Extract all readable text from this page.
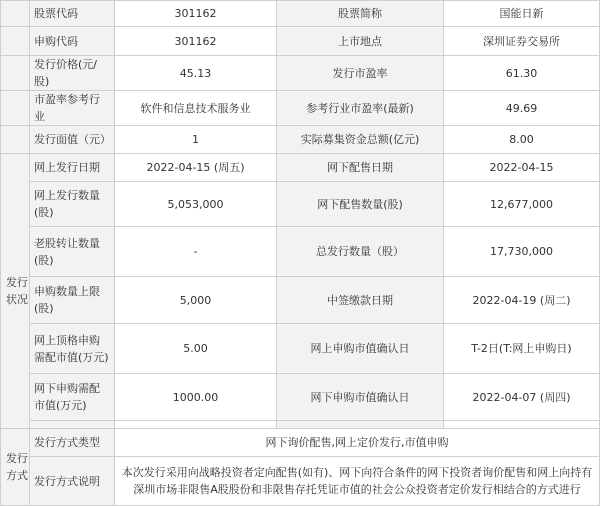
	股票代码	301162	股票简称	国能日新
	申购代码	301162	上市地点	深圳证券交易所
	发行价格(元/股)	45.13	发行市盈率	61.30
	市盈率参考行业	软件和信息技术服务业	参考行业市盈率(最新)	49.69
	发行面值（元）	1	实际募集资金总额(亿元)	8.00
发行状况	网上发行日期	2022-04-15 (周五)	网下配售日期	2022-04-15
	网上发行数量(股)	5,053,000	网下配售数量(股)	12,677,000
	老股转让数量(股)	-	总发行数量（股）	17,730,000
	申购数量上限(股)	5,000	中签缴款日期	2022-04-19 (周二)
	网上顶格申购需配市值(万元)	5.00	网上申购市值确认日	T-2日(T:网上申购日)
	网下申购需配市值(万元)	1000.00	网下申购市值确认日	2022-04-07 (周四)

发行方式	发行方式类型	网下询价配售,网上定价发行,市值申购		
	发行方式说明	本次发行采用向战略投资者定向配售(如有)、网下向符合条件的网下投资者询价配售和网上向持有深圳市场非限售A股股份和非限售存托凭证市值的社会公众投资者定价发行相结合的方式进行		
